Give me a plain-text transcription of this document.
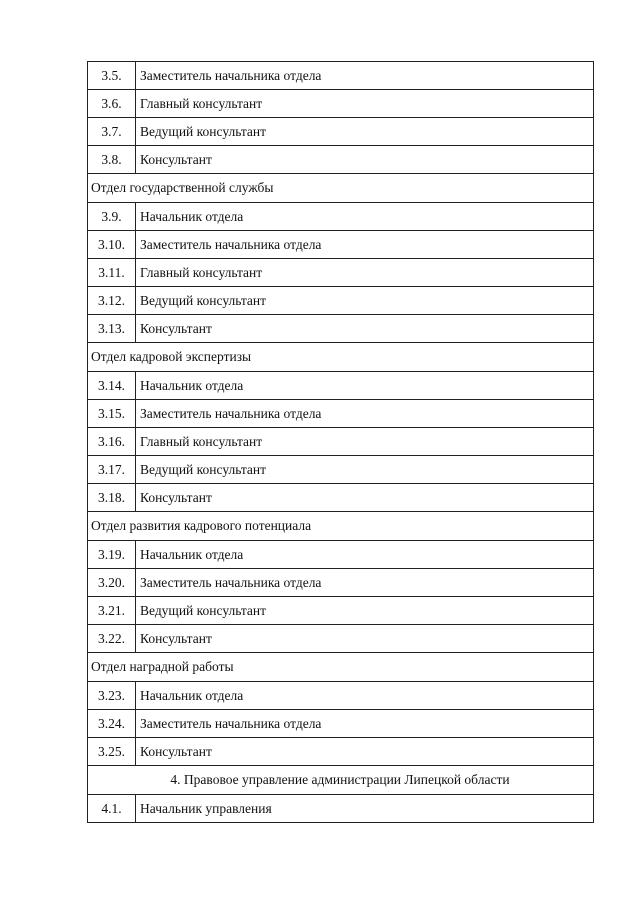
3.5.	Заместитель начальника отдела
3.6.	Главный консультант
3.7.	Ведущий консультант
3.8.	Консультант
Отдел государственной службы	
3.9.	Начальник отдела
3.10.	Заместитель начальника отдела
3.11.	Главный консультант
3.12.	Ведущий консультант
3.13.	Консультант
Отдел кадровой экспертизы	
3.14.	Начальник отдела
3.15.	Заместитель начальника отдела
3.16.	Главный консультант
3.17.	Ведущий консультант
3.18.	Консультант
Отдел развития кадрового потенциала	
3.19.	Начальник отдела
3.20.	Заместитель начальника отдела
3.21.	Ведущий консультант
3.22.	Консультант
Отдел наградной работы	
3.23.	Начальник отдела
3.24.	Заместитель начальника отдела
3.25.	Консультант
4. Правовое управление администрации Липецкой области	
4.1.	Начальник управления
